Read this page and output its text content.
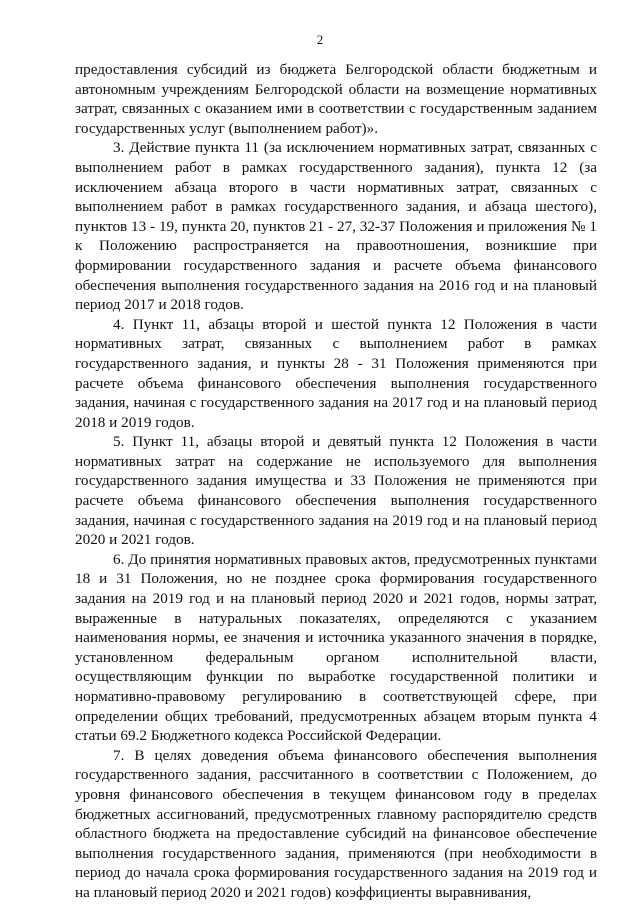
2

предоставления субсидий из бюджета Белгородской области бюджетным и автономным учреждениям Белгородской области на возмещение нормативных затрат, связанных с оказанием ими в соответствии с государственным заданием государственных услуг (выполнением работ)».

3. Действие пункта 11 (за исключением нормативных затрат, связанных с выполнением работ в рамках государственного задания), пункта 12 (за исключением абзаца второго в части нормативных затрат, связанных с выполнением работ в рамках государственного задания, и абзаца шестого), пунктов 13 - 19, пункта 20, пунктов 21 - 27, 32-37 Положения и приложения № 1 к Положению распространяется на правоотношения, возникшие при формировании государственного задания и расчете объема финансового обеспечения выполнения государственного задания на 2016 год и на плановый период 2017 и 2018 годов.

4. Пункт 11, абзацы второй и шестой пункта 12 Положения в части нормативных затрат, связанных с выполнением работ в рамках государственного задания, и пункты 28 - 31 Положения применяются при расчете объема финансового обеспечения выполнения государственного задания, начиная с государственного задания на 2017 год и на плановый период 2018 и 2019 годов.

5. Пункт 11, абзацы второй и девятый пункта 12 Положения в части нормативных затрат на содержание не используемого для выполнения государственного задания имущества и 33 Положения не применяются при расчете объема финансового обеспечения выполнения государственного задания, начиная с государственного задания на 2019 год и на плановый период 2020 и 2021 годов.

6. До принятия нормативных правовых актов, предусмотренных пунктами 18 и 31 Положения, но не позднее срока формирования государственного задания на 2019 год и на плановый период 2020 и 2021 годов, нормы затрат, выраженные в натуральных показателях, определяются с указанием наименования нормы, ее значения и источника указанного значения в порядке, установленном федеральным органом исполнительной власти, осуществляющим функции по выработке государственной политики и нормативно-правовому регулированию в соответствующей сфере, при определении общих требований, предусмотренных абзацем вторым пункта 4 статьи 69.2 Бюджетного кодекса Российской Федерации.

7. В целях доведения объема финансового обеспечения выполнения государственного задания, рассчитанного в соответствии с Положением, до уровня финансового обеспечения в текущем финансовом году в пределах бюджетных ассигнований, предусмотренных главному распорядителю средств областного бюджета на предоставление субсидий на финансовое обеспечение выполнения государственного задания, применяются (при необходимости в период до начала срока формирования государственного задания на 2019 год и на плановый период 2020 и 2021 годов) коэффициенты выравнивания,
